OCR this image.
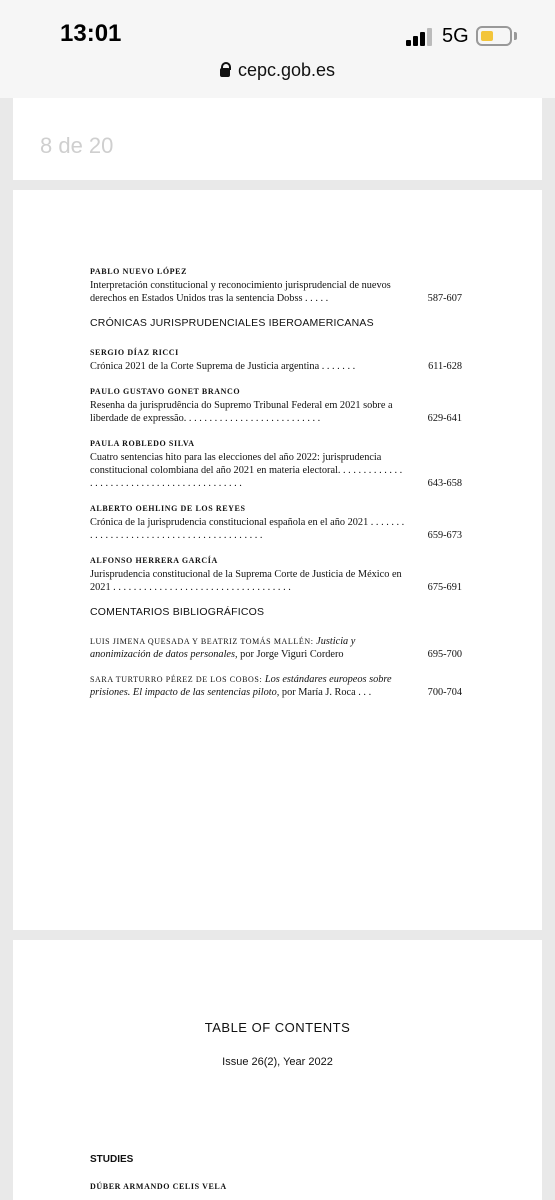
13:01	5G
cepc.gob.es
8 de 20
PABLO NUEVO LÓPEZ
Interpretación constitucional y reconocimiento jurisprudencial de nuevos derechos en Estados Unidos tras la sentencia Dobss . . . . .	587-607
CRÓNICAS JURISPRUDENCIALES IBEROAMERICANAS
SERGIO DÍAZ RICCI
Crónica 2021 de la Corte Suprema de Justicia argentina . . . . . . .	611-628
PAULO GUSTAVO GONET BRANCO
Resenha da jurisprudência do Supremo Tribunal Federal em 2021 sobre a liberdade de expressão. . . . . . . . . . . . . . . . . . . . . . . . . . .	629-641
PAULA ROBLEDO SILVA
Cuatro sentencias hito para las elecciones del año 2022: jurisprudencia constitucional colombiana del año 2021 en materia electoral. . . . . . . . . . . . . . . . . . . . . . . . . . . . . . . . . . . . . . . . . . .	643-658
ALBERTO OEHLING DE LOS REYES
Crónica de la jurisprudencia constitucional española en el año 2021 . . . . . . . . . . . . . . . . . . . . . . . . . . . . . . . . . . . . . . . . .	659-673
ALFONSO HERRERA GARCÍA
Jurisprudencia constitucional de la Suprema Corte de Justicia de México en 2021 . . . . . . . . . . . . . . . . . . . . . . . . . . . . . . . . . . .	675-691
COMENTARIOS BIBLIOGRÁFICOS
LUIS JIMENA QUESADA Y BEATRIZ TOMÁS MALLÉN: Justicia y anonimización de datos personales, por Jorge Viguri Cordero	695-700
SARA TURTURRO PÉREZ DE LOS COBOS: Los estándares europeos sobre prisiones. El impacto de las sentencias piloto, por María J. Roca . . .	700-704
TABLE OF CONTENTS
Issue 26(2), Year 2022
STUDIES
DÚBER ARMANDO CELIS VELA
